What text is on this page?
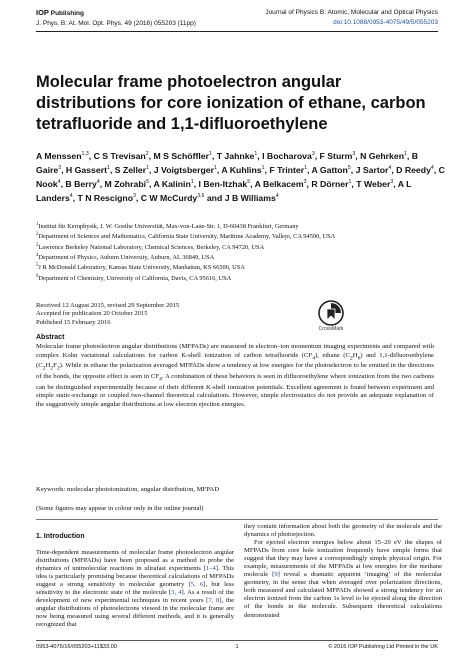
IOP Publishing
J. Phys. B: At. Mol. Opt. Phys. 49 (2016) 055203 (11pp)
Journal of Physics B: Atomic, Molecular and Optical Physics
doi:10.1088/0953-4075/49/5/055203
Molecular frame photoelectron angular distributions for core ionization of ethane, carbon tetrafluoride and 1,1-difluoroethylene

A Menssen$^{1,3}$, C S Trevisan$^2$, M S Schöffler$^1$, T Jahnke$^1$, I Bocharova$^3$, F Sturm$^3$, N Gehrken$^1$, B Gaire$^3$, H Gassert$^1$, S Zeller$^1$, J Voigtsberger$^1$, A Kuhlins$^1$, F Trinter$^1$, A Gatton$^5$, J Sartor$^4$, D Reedy$^4$, C Nook$^4$, B Berry$^4$, M Zohrabi$^5$, A Kalinin$^1$, I Ben-Itzhak$^5$, A Belkacem$^3$, R Dörner$^1$, T Weber$^3$, A L Landers$^4$, T N Rescigno$^3$, C W McCurdy$^{3,6}$ and J B Williams$^4$

$^1$Institut für Kernphysik, J. W. Goethe Universität, Max-von-Laue-Str. 1, D-60438 Frankfurt, Germany

$^2$Department of Sciences and Mathematics, California State University, Maritime Academy, Vallejo, CA 94590, USA

$^3$Lawrence Berkeley National Laboratory, Chemical Sciences, Berkeley, CA 94720, USA

$^4$Department of Physics, Auburn University, Auburn, AL 36849, USA

$^5$J R McDonald Laboratory, Kansas State University, Manhattan, KS 66506, USA

$^6$Department of Chemistry, University of California, Davis, CA 95616, USA

Received 12 August 2015, revised 29 September 2015

Accepted for publication 20 October 2015

Published 15 February 2016

CrossMark

Abstract

Molecular frame photoelectron angular distributions (MFPADs) are measured in electron–ion momentum imaging experiments and compared with complex Kohn variational calculations for carbon K-shell ionization of carbon tetrafluoride $(CF_4)$, ethane $(C_2H_6)$ and 1,1-difluoroethylene $(C_2H_2F_2)$. While in ethane the polarization averaged MFPADs show a tendency at low energies for the photoelectron to be emitted in the directions of the bonds, the opposite effect is seen in $CF_4$. A combination of these behaviors is seen in difluoroethylene where ionization from the two carbons can be distinguished experimentally because of their different K-shell ionization potentials. Excellent agreement is found between experiment and simple static-exchange or coupled two-channel theoretical calculations. However, simple electrostatics do not provide an adequate explanation of the suggestively simple angular distributions at low electron ejection energies.

Keywords: molecular photoionization, angular distribution, MFPAD

(Some figures may appear in colour only in the online journal)

1. Introduction

Time-dependent measurements of molecular frame photoelectron angular distributions (MFPADs) have been proposed as a method to probe the dynamics of unimolecular reactions in ultrafast experiments [1–4]. This idea is particularly promising because theoretical calculations of MFPADs suggest a strong sensitivity to molecular geometry [5, 6], but less sensitivity to the electronic state of the molecule [3, 4]. As a result of the development of new experimental techniques in recent years [7, 8], the angular distributions of photoelectrons viewed in the molecular frame are now being measured using several different methods, and it is generally recognized that

they contain information about both the geometry of the molecule and the dynamics of photoejection.

For ejected electron energies below about 15–20 eV the shapes of MFPADs from core hole ionization frequently have simple forms that suggest that they may have a correspondingly simple physical origin. For example, measurements of the MFPADs at low energies for the methane molecule [9] reveal a dramatic apparent ‘imaging’ of the molecular geometry, in the sense that when averaged over polarization directions, both measured and calculated MFPADs showed a strong tendency for an electron ionized from the carbon 1s level to be ejected along the direction of the bonds in the molecule. Subsequent theoretical calculations demonstrated

0953-4075/16/055203+11$33.00	1	© 2016 IOP Publishing Ltd Printed in the UK
